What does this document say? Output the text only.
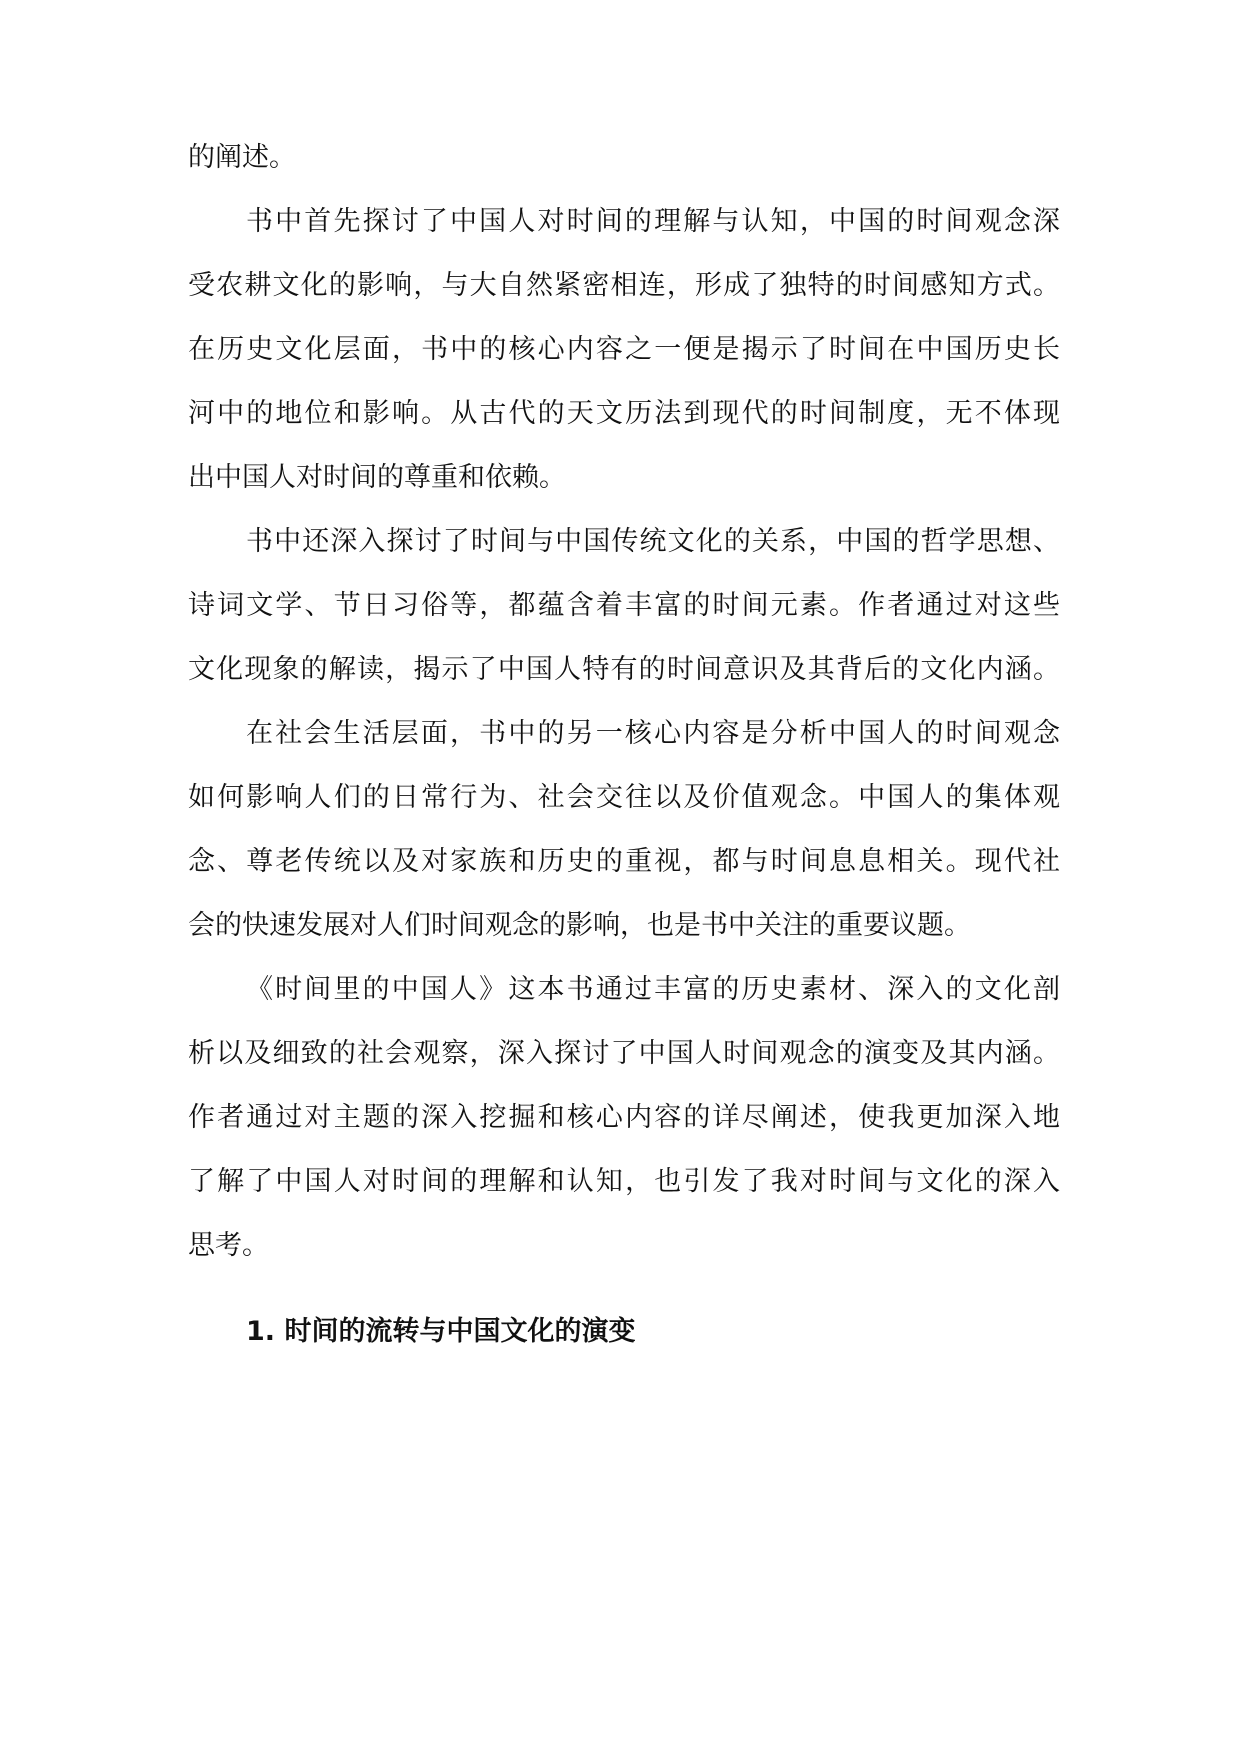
的阐述。
书中首先探讨了中国人对时间的理解与认知，中国的时间观念深
受农耕文化的影响，与大自然紧密相连，形成了独特的时间感知方式。
在历史文化层面，书中的核心内容之一便是揭示了时间在中国历史长
河中的地位和影响。从古代的天文历法到现代的时间制度，无不体现
出中国人对时间的尊重和依赖。
书中还深入探讨了时间与中国传统文化的关系，中国的哲学思想、
诗词文学、节日习俗等，都蕴含着丰富的时间元素。作者通过对这些
文化现象的解读，揭示了中国人特有的时间意识及其背后的文化内涵。
在社会生活层面，书中的另一核心内容是分析中国人的时间观念
如何影响人们的日常行为、社会交往以及价值观念。中国人的集体观
念、尊老传统以及对家族和历史的重视，都与时间息息相关。现代社
会的快速发展对人们时间观念的影响，也是书中关注的重要议题。
《时间里的中国人》这本书通过丰富的历史素材、深入的文化剖
析以及细致的社会观察，深入探讨了中国人时间观念的演变及其内涵。
作者通过对主题的深入挖掘和核心内容的详尽阐述，使我更加深入地
了解了中国人对时间的理解和认知，也引发了我对时间与文化的深入
思考。
1. 时间的流转与中国文化的演变
